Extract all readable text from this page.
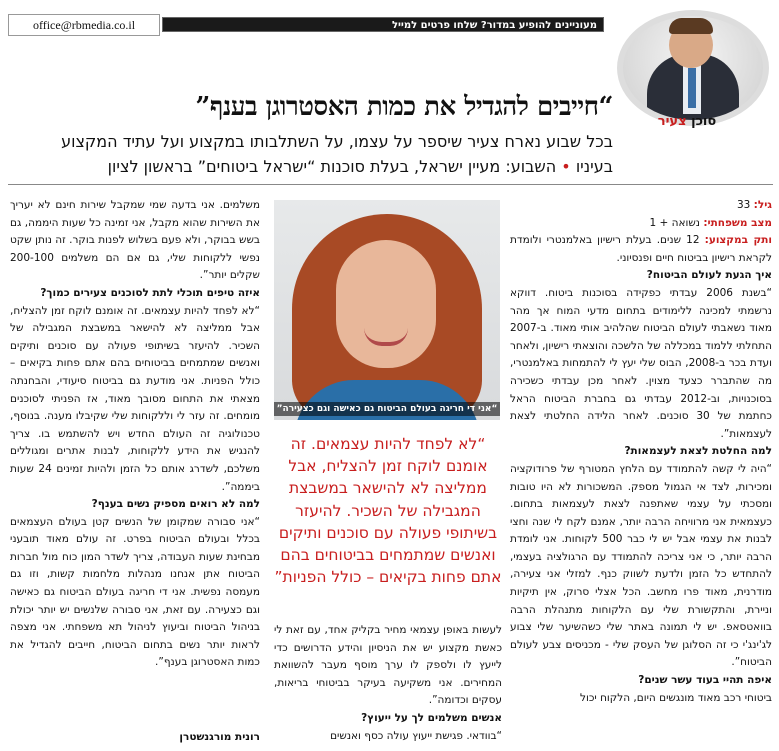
office@rbmedia.co.il	מעוניינים להופיע במדור? שלחו פרטים למייל
סוכן צעיר
“חייבים להגדיל את כמות האסטרוגן בענף”
בכל שבוע נארח צעיר שיספר על עצמו, על השתלבותו במקצוע ועל עתיד המקצוע
בעיניו • השבוע: מעיין ישראל, בעלת סוכנות “ישראל ביטוחים” בראשון לציון

גיל: 33

מצב משפחתי: נשואה + 1

ותק במקצוע: 12 שנים. בעלת רישיון באלמנטרי ולומדת לקראת רישיון בביטוח חיים ופנסיוני.

איך הגעת לעולם הביטוח?

“בשנת 2006 עבדתי כפקידה בסוכנות ביטוח. דווקא נרשמתי למכינה ללימודים בתחום מדעי המוח אך מהר מאוד נשאבתי לעולם הביטוח שהלהיב אותי מאוד. ב-2007 התחלתי ללמוד במכללה של הלשכה והוצאתי רישיון, ולאחר ועדת בכר ב-2008, הבוס שלי יעץ לי להתמחות באלמנטרי, מה שהתברר כצעד מצוין. לאחר מכן עבדתי כשכירה בסוכנויות, וב-2012 עבדתי גם בחברת הביטוח הראל כחתמת של 30 סוכנים. לאחר הלידה החלטתי לצאת לעצמאות”.

למה החלטת לצאת לעצמאות?

“היה לי קשה להתמודד עם הלחץ המטורף של פרודוקציה ומכירות, לצד אי הגמול מספק. המשכורות לא היו טובות ומסכתי על עצמי שאתפנה לצאת לעצמאות בתחום. כעצמאית אני מרוויחה הרבה יותר, אמנם לקח לי שנה וחצי לבנות את עצמי אבל יש לי כבר 500 לקוחות. אני לומדת הרבה יותר, כי אני צריכה להתמודד עם הרגולציה בעצמי, להתחדש כל הזמן ולדעת לשווק כנף. למזלי אני צעירה, מודרנית, מאוד פרו מחשב. הכל אצלי סרוק, אין תיקיות וניירת, והתקשורת שלי עם הלקוחות מתנהלת הרבה בוואטסאפ. יש לי תמונה באתר שלי כשהשיער שלי צבוע לג'ינג'י כי זה הסלוגן של העסק שלי - מכניסים צבע לעולם הביטוח”.

איפה תהיי בעוד עשר שנים?

ביטוחי רכב מאוד מונגשים היום, הלקוח יכול

“אני די חריגה בעולם הביטוח גם כאישה וגם כצעירה”
“לא לפחד להיות עצמאים. זה אומנם לוקח זמן להצליח, אבל ממליצה לא להישאר במשבצת המגבילה של השכיר. להיעזר בשיתופי פעולה עם סוכנים ותיקים ואנשים שמתמחים בביטוחים בהם אתם פחות בקיאים – כולל הפניות”

לעשות באופן עצמאי מחיר בקליק אחד, עם זאת לי כאשת מקצוע יש את הניסיון והידע הדרושים כדי לייעץ לו ולספק לו ערך מוסף מעבר להשוואת המחירים. אני משקיעה בעיקר בביטוחי בריאות, עסקים וכדומה”.

אנשים משלמים לך על ייעוץ?

“בוודאי. פגישת ייעוץ עולה כסף ואנשים

משלמים. אני בדעה שמי שמקבל שירות חינם לא יעריך את השירות שהוא מקבל, אני זמינה כל שעות היממה, גם בשש בבוקר, ולא פעם בשלוש לפנות בוקר. זה נותן שקט נפשי ללקוחות שלי, גם אם הם משלמים 200-100 שקלים יותר”.

איזה טיפים תוכלי לתת לסוכנים צעירים כמוך?

“לא לפחד להיות עצמאים. זה אומנם לוקח זמן להצליח, אבל ממליצה לא להישאר במשבצת המגבילה של השכיר. להיעזר בשיתופי פעולה עם סוכנים ותיקים ואנשים שמתמחים בביטוחים בהם אתם פחות בקיאים – כולל הפניות. אני מודעת גם בביטוח סיעודי, והבחנתה מצאתי את התחום מסובך מאוד, אז הפניתי לסוכנים מומחים. זה עזר לי וללקוחות שלי שקיבלו מענה. בנוסף, טכנולוגיה זה העולם החדש ויש להשתמש בו. צריך להנגיש את הידע ללקוחות, לבנות אתרים ומגוללים משלכם, לשדרג אותם כל הזמן ולהיות זמינים 24 שעות ביממה”.

למה לא רואים מספיק נשים בענף?

“אני סבורה שמקומן של הנשים קטן בעולם העצמאים בכלל ובעולם הביטוח בפרט. זה עולם מאוד תובעני מבחינת שעות העבודה, צריך לשדר המון כוח מול חברות הביטוח אתן אנחנו מנהלות מלחמות קשות, וזו גם מעמסה נפשית. אני די חריגה בעולם הביטוח גם כאישה וגם כצעירה. עם זאת, אני סבורה שלנשים יש יותר יכולת בניהול הביטוח וביעוץ לניהול תא משפחתי. אני מצפה לראות יותר נשים בתחום הביטוח, חייבים להגדיל את כמות האסטרוגן בענף”.

רונית מורגנשטרן
